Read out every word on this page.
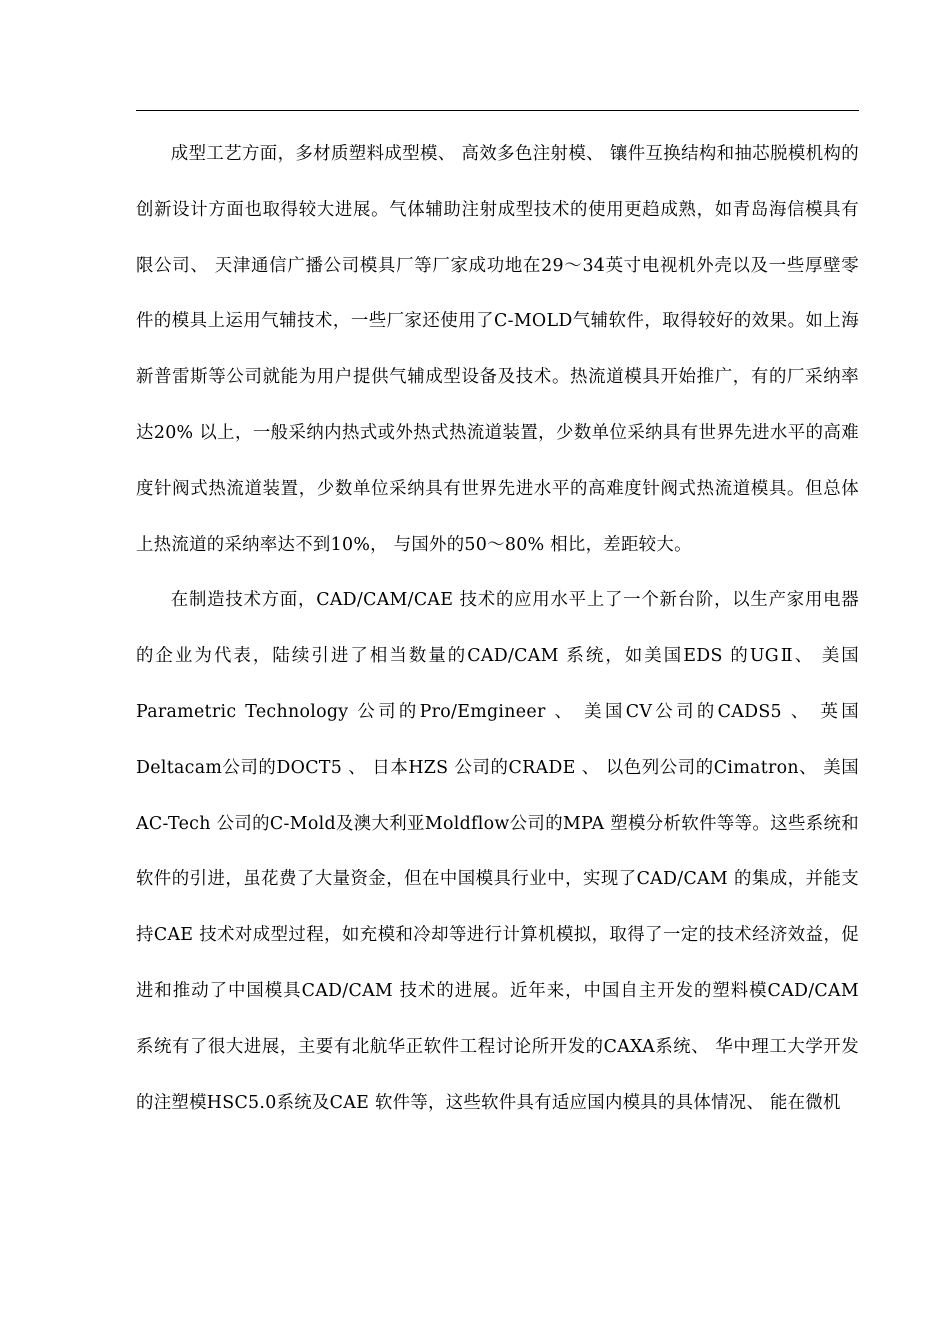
成型工艺方面，多材质塑料成型模、 高效多色注射模、 镶件互换结构和抽芯脱模机构的创新设计方面也取得较大进展。气体辅助注射成型技术的使用更趋成熟，如青岛海信模具有限公司、 天津通信广播公司模具厂等厂家成功地在29～34英寸电视机外壳以及一些厚壁零件的模具上运用气辅技术，一些厂家还使用了C-MOLD气辅软件，取得较好的效果。如上海新普雷斯等公司就能为用户提供气辅成型设备及技术。热流道模具开始推广，有的厂采纳率达20% 以上，一般采纳内热式或外热式热流道装置，少数单位采纳具有世界先进水平的高难度针阀式热流道装置，少数单位采纳具有世界先进水平的高难度针阀式热流道模具。但总体上热流道的采纳率达不到10%， 与国外的50～80% 相比，差距较大。

在制造技术方面，CAD/CAM/CAE 技术的应用水平上了一个新台阶，以生产家用电器的企业为代表，陆续引进了相当数量的CAD/CAM 系统，如美国EDS 的UGⅡ、 美国Parametric Technology 公司的Pro/Emgineer 、 美国CV公司的CADS5 、 英国Deltacam公司的DOCT5 、 日本HZS 公司的CRADE 、 以色列公司的Cimatron、 美国AC-Tech 公司的C-Mold及澳大利亚Moldflow公司的MPA 塑模分析软件等等。这些系统和软件的引进，虽花费了大量资金，但在中国模具行业中，实现了CAD/CAM 的集成，并能支持CAE 技术对成型过程，如充模和冷却等进行计算机模拟，取得了一定的技术经济效益，促进和推动了中国模具CAD/CAM 技术的进展。近年来，中国自主开发的塑料模CAD/CAM 系统有了很大进展，主要有北航华正软件工程讨论所开发的CAXA系统、 华中理工大学开发的注塑模HSC5.0系统及CAE 软件等，这些软件具有适应国内模具的具体情况、 能在微机
